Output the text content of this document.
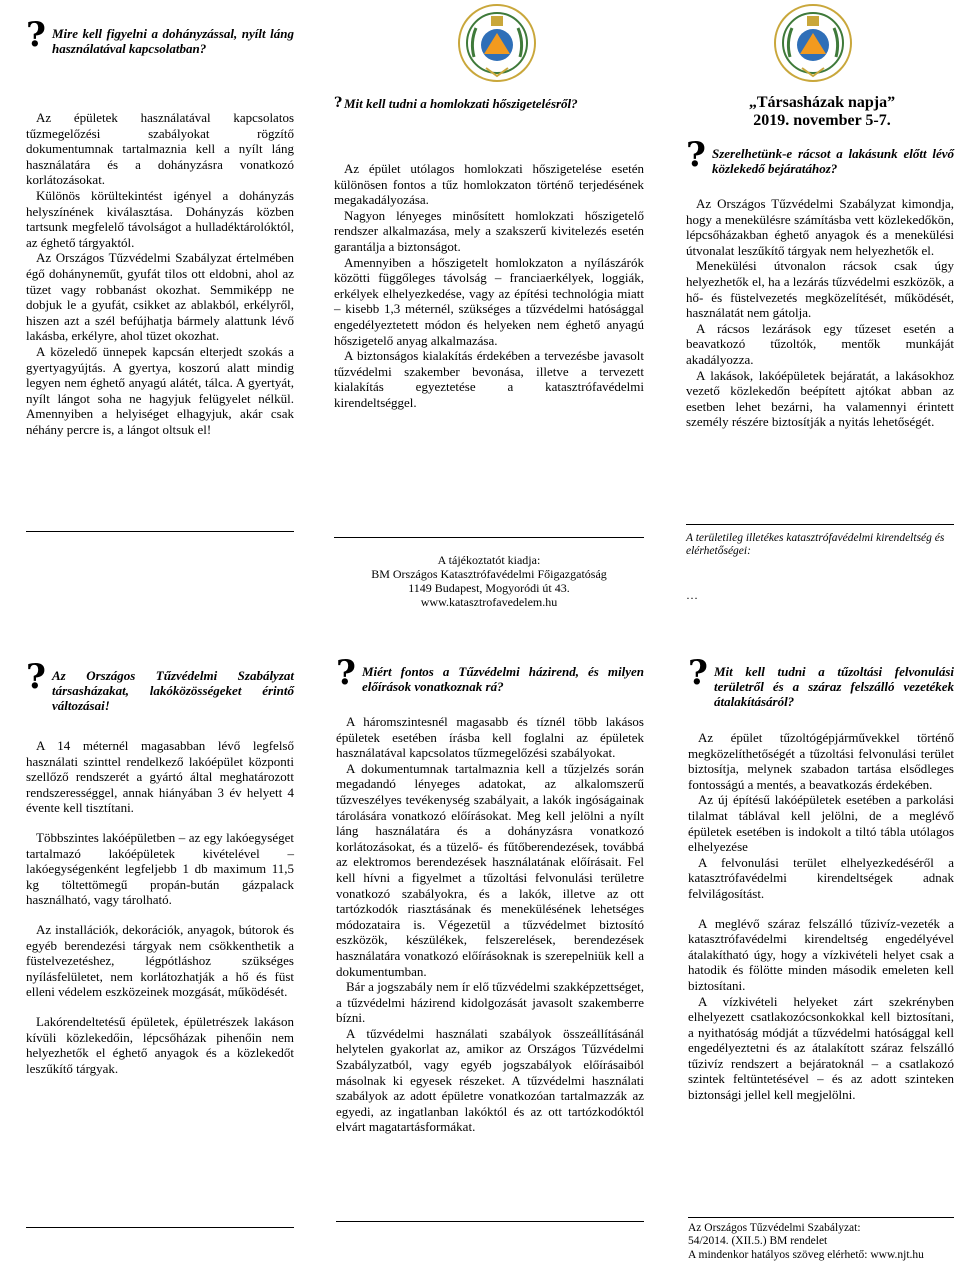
? Mire kell figyelni a dohányzással, nyílt láng használatával kapcsolatban?

Az épületek használatával kapcsolatos tűzmegelőzési szabályokat rögzítő dokumentumnak tartalmaznia kell a nyílt láng használatára és a dohányzásra vonatkozó korlátozásokat.

Különös körültekintést igényel a dohányzás helyszínének kiválasztása. Dohányzás közben tartsunk megfelelő távolságot a hulladéktárolóktól, az éghető tárgyaktól.

Az Országos Tűzvédelmi Szabályzat értelmében égő dohányneműt, gyufát tilos ott eldobni, ahol az tüzet vagy robbanást okozhat. Semmiképp ne dobjuk le a gyufát, csikket az ablakból, erkélyről, hiszen azt a szél befújhatja bármely alattunk lévő lakásba, erkélyre, ahol tüzet okozhat.

A közeledő ünnepek kapcsán elterjedt szokás a gyertyagyújtás. A gyertya, koszorú alatt mindig legyen nem éghető anyagú alátét, tálca. A gyertyát, nyílt lángot soha ne hagyjuk felügyelet nélkül. Amennyiben a helyiséget elhagyjuk, akár csak néhány percre is, a lángot oltsuk el!

? Mit kell tudni a homlokzati hőszigetelésről?

Az épület utólagos homlokzati hőszigetelése esetén különösen fontos a tűz homlokzaton történő terjedésének megakadályozása.

Nagyon lényeges minősített homlokzati hőszigetelő rendszer alkalmazása, mely a szakszerű kivitelezés esetén garantálja a biztonságot.

Amennyiben a hőszigetelt homlokzaton a nyílászárók közötti függőleges távolság – franciaerkélyek, loggiák, erkélyek elhelyezkedése, vagy az építési technológia miatt – kisebb 1,3 méternél, szükséges a tűzvédelmi hatósággal engedélyeztetett módon és helyeken nem éghető anyagú hőszigetelő anyag alkalmazása.

A biztonságos kialakítás érdekében a tervezésbe javasolt tűzvédelmi szakember bevonása, illetve a tervezett kialakítás egyeztetése a katasztrófavédelmi kirendeltséggel.

A tájékoztatót kiadja:
BM Országos Katasztrófavédelmi Főigazgatóság
1149 Budapest, Mogyoródi út 43.
www.katasztrofavedelem.hu
„Társasházak napja”
2019. november 5-7.
? Szerelhetünk-e rácsot a lakásunk előtt lévő közlekedő bejáratához?

Az Országos Tűzvédelmi Szabályzat kimondja, hogy a menekülésre számításba vett közlekedőkön, lépcsőházakban éghető anyagok és a menekülési útvonalat leszűkítő tárgyak nem helyezhetők el.

Menekülési útvonalon rácsok csak úgy helyezhetők el, ha a lezárás tűzvédelmi eszközök, a hő- és füstelvezetés megközelítését, működését, használatát nem gátolja.

A rácsos lezárások egy tűzeset esetén a beavatkozó tűzoltók, mentők munkáját akadályozza.

A lakások, lakóépületek bejáratát, a lakásokhoz vezető közlekedőn beépített ajtókat abban az esetben lehet bezárni, ha valamennyi érintett személy részére biztosítják a nyitás lehetőségét.

A területileg illetékes katasztrófavédelmi kirendeltség és elérhetőségei:
…
? Az Országos Tűzvédelmi Szabályzat társasházakat, lakóközösségeket érintő változásai!

A 14 méternél magasabban lévő legfelső használati szinttel rendelkező lakóépület központi szellőző rendszerét a gyártó által meghatározott rendszerességgel, annak hiányában 3 év helyett 4 évente kell tisztítani.

Többszintes lakóépületben – az egy lakóegységet tartalmazó lakóépületek kivételével – lakóegységenként legfeljebb 1 db maximum 11,5 kg töltettömegű propán-bután gázpalack használható, vagy tárolható.

Az installációk, dekorációk, anyagok, bútorok és egyéb berendezési tárgyak nem csökkenthetik a füstelvezetéshez, légpótláshoz szükséges nyílásfelületet, nem korlátozhatják a hő és füst elleni védelem eszközeinek mozgását, működését.

Lakórendeltetésű épületek, épületrészek lakáson kívüli közlekedőin, lépcsőházak pihenőin nem helyezhetők el éghető anyagok és a közlekedőt leszűkítő tárgyak.

? Miért fontos a Tűzvédelmi házirend, és milyen előírások vonatkoznak rá?

A háromszintesnél magasabb és tíznél több lakásos épületek esetében írásba kell foglalni az épületek használatával kapcsolatos tűzmegelőzési szabályokat.

A dokumentumnak tartalmaznia kell a tűzjelzés során megadandó lényeges adatokat, az alkalomszerű tűzveszélyes tevékenység szabályait, a lakók ingóságainak tárolására vonatkozó előírásokat. Meg kell jelölni a nyílt láng használatára és a dohányzásra vonatkozó korlátozásokat, és a tüzelő- és fűtőberendezések, továbbá az elektromos berendezések használatának előírásait. Fel kell hívni a figyelmet a tűzoltási felvonulási területre vonatkozó szabályokra, és a lakók, illetve az ott tartózkodók riasztásának és menekülésének lehetséges módozataira is. Végezetül a tűzvédelmet biztosító eszközök, készülékek, felszerelések, berendezések használatára vonatkozó előírásoknak is szerepelniük kell a dokumentumban.

Bár a jogszabály nem ír elő tűzvédelmi szakképzettséget, a tűzvédelmi házirend kidolgozását javasolt szakemberre bízni.

A tűzvédelmi használati szabályok összeállításánál helytelen gyakorlat az, amikor az Országos Tűzvédelmi Szabályzatból, vagy egyéb jogszabályok előírásaiból másolnak ki egyesek részeket. A tűzvédelmi használati szabályok az adott épületre vonatkozóan tartalmazzák az egyedi, az ingatlanban lakóktól és az ott tartózkodóktól elvárt magatartásformákat.

? Mit kell tudni a tűzoltási felvonulási területről és a száraz felszálló vezetékek átalakításáról?

Az épület tűzoltógépjárművekkel történő megközelíthetőségét a tűzoltási felvonulási terület biztosítja, melynek szabadon tartása elsődleges fontosságú a mentés, a beavatkozás érdekében.

Az új építésű lakóépületek esetében a parkolási tilalmat táblával kell jelölni, de a meglévő épületek esetében is indokolt a tiltó tábla utólagos elhelyezése

A felvonulási terület elhelyezkedéséről a katasztrófavédelmi kirendeltségek adnak felvilágosítást.

A meglévő száraz felszálló tűzivíz-vezeték a katasztrófavédelmi kirendeltség engedélyével átalakítható úgy, hogy a vízkivételi helyet csak a hatodik és fölötte minden második emeleten kell biztosítani.

A vízkivételi helyeket zárt szekrényben elhelyezett csatlakozócsonkokkal kell biztosítani, a nyithatóság módját a tűzvédelmi hatósággal kell engedélyeztetni és az átalakított száraz felszálló tűzivíz rendszert a bejáratoknál – a csatlakozó szintek feltüntetésével – és az adott szinteken biztonsági jellel kell megjelölni.

Az Országos Tűzvédelmi Szabályzat:
54/2014. (XII.5.) BM rendelet
A mindenkor hatályos szöveg elérhető: www.njt.hu
